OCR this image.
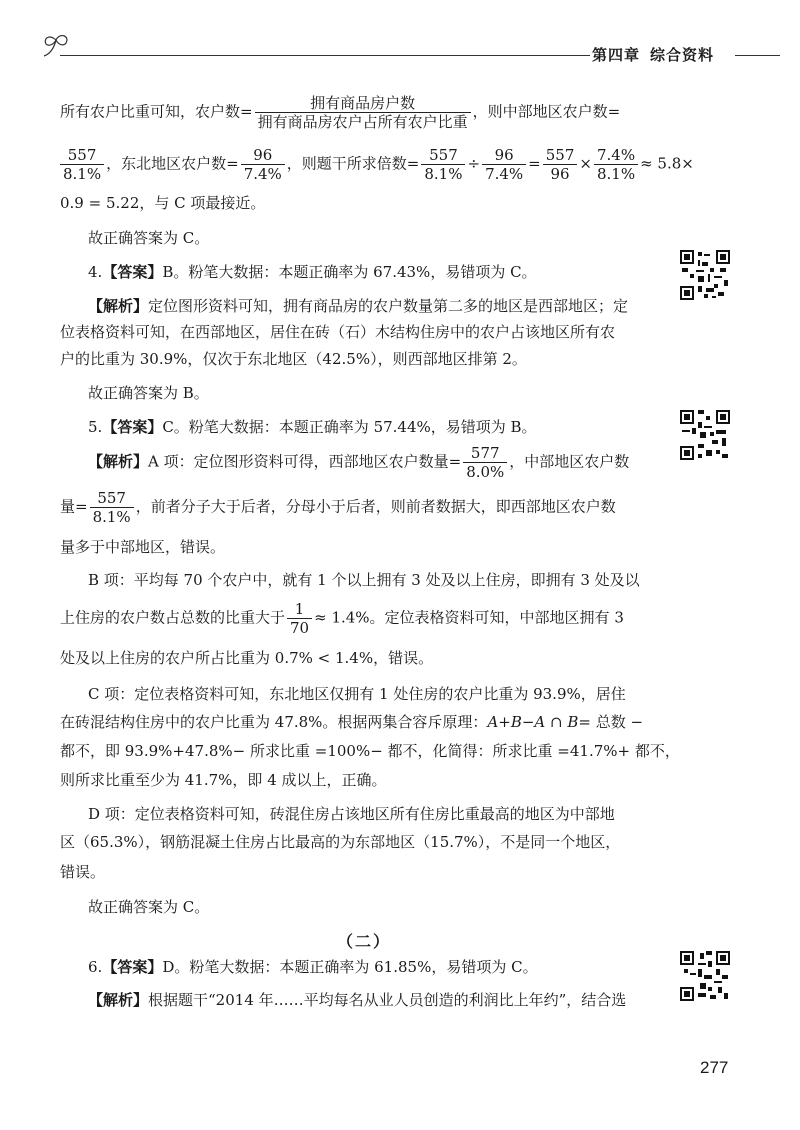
第四章 综合资料
所有农户比重可知，农户数= $\frac{\text{拥有商品房户数}}{\text{拥有商品房农户占所有农户比重}}$ ，则中部地区农户数=
$\frac{557}{8.1\%}$ ，东北地区农户数= $\frac{96}{7.4\%}$ ，则题干所求倍数= $\frac{557}{8.1\%} \div \frac{96}{7.4\%} = \frac{557}{96} \times \frac{7.4\%}{8.1\%} \approx 5.8\times$
0.9 = 5.22，与 C 项最接近。
故正确答案为 C。
4.【答案】B。粉笔大数据：本题正确率为 67.43%，易错项为 C。
【解析】定位图形资料可知，拥有商品房的农户数量第二多的地区是西部地区；定
位表格资料可知，在西部地区，居住在砖（石）木结构住房中的农户占该地区所有农
户的比重为 30.9%，仅次于东北地区（42.5%），则西部地区排第 2。
故正确答案为 B。
5.【答案】C。粉笔大数据：本题正确率为 57.44%，易错项为 B。
【解析】A 项：定位图形资料可得，西部地区农户数量= $\frac{577}{8.0\%}$ ，中部地区农户数
量= $\frac{557}{8.1\%}$ ，前者分子大于后者，分母小于后者，则前者数据大，即西部地区农户数
量多于中部地区，错误。
B 项：平均每 70 个农户中，就有 1 个以上拥有 3 处及以上住房，即拥有 3 处及以
上住房的农户数占总数的比重大于 $\frac{1}{70} \approx 1.4\%$。定位表格资料可知，中部地区拥有 3
处及以上住房的农户所占比重为 0.7% < 1.4%，错误。
C 项：定位表格资料可知，东北地区仅拥有 1 处住房的农户比重为 93.9%，居住
在砖混结构住房中的农户比重为 47.8%。根据两集合容斥原理：A+B−A ∩ B= 总数 −
都不，即 93.9%+47.8%− 所求比重 =100%− 都不，化简得：所求比重 =41.7%+ 都不，
则所求比重至少为 41.7%，即 4 成以上，正确。
D 项：定位表格资料可知，砖混住房占该地区所有住房比重最高的地区为中部地
区（65.3%），钢筋混凝土住房占比最高的为东部地区（15.7%），不是同一个地区，
错误。
故正确答案为 C。
（二）
6.【答案】D。粉笔大数据：本题正确率为 61.85%，易错项为 C。
【解析】根据题干“2014 年……平均每名从业人员创造的利润比上年约”，结合选
277
